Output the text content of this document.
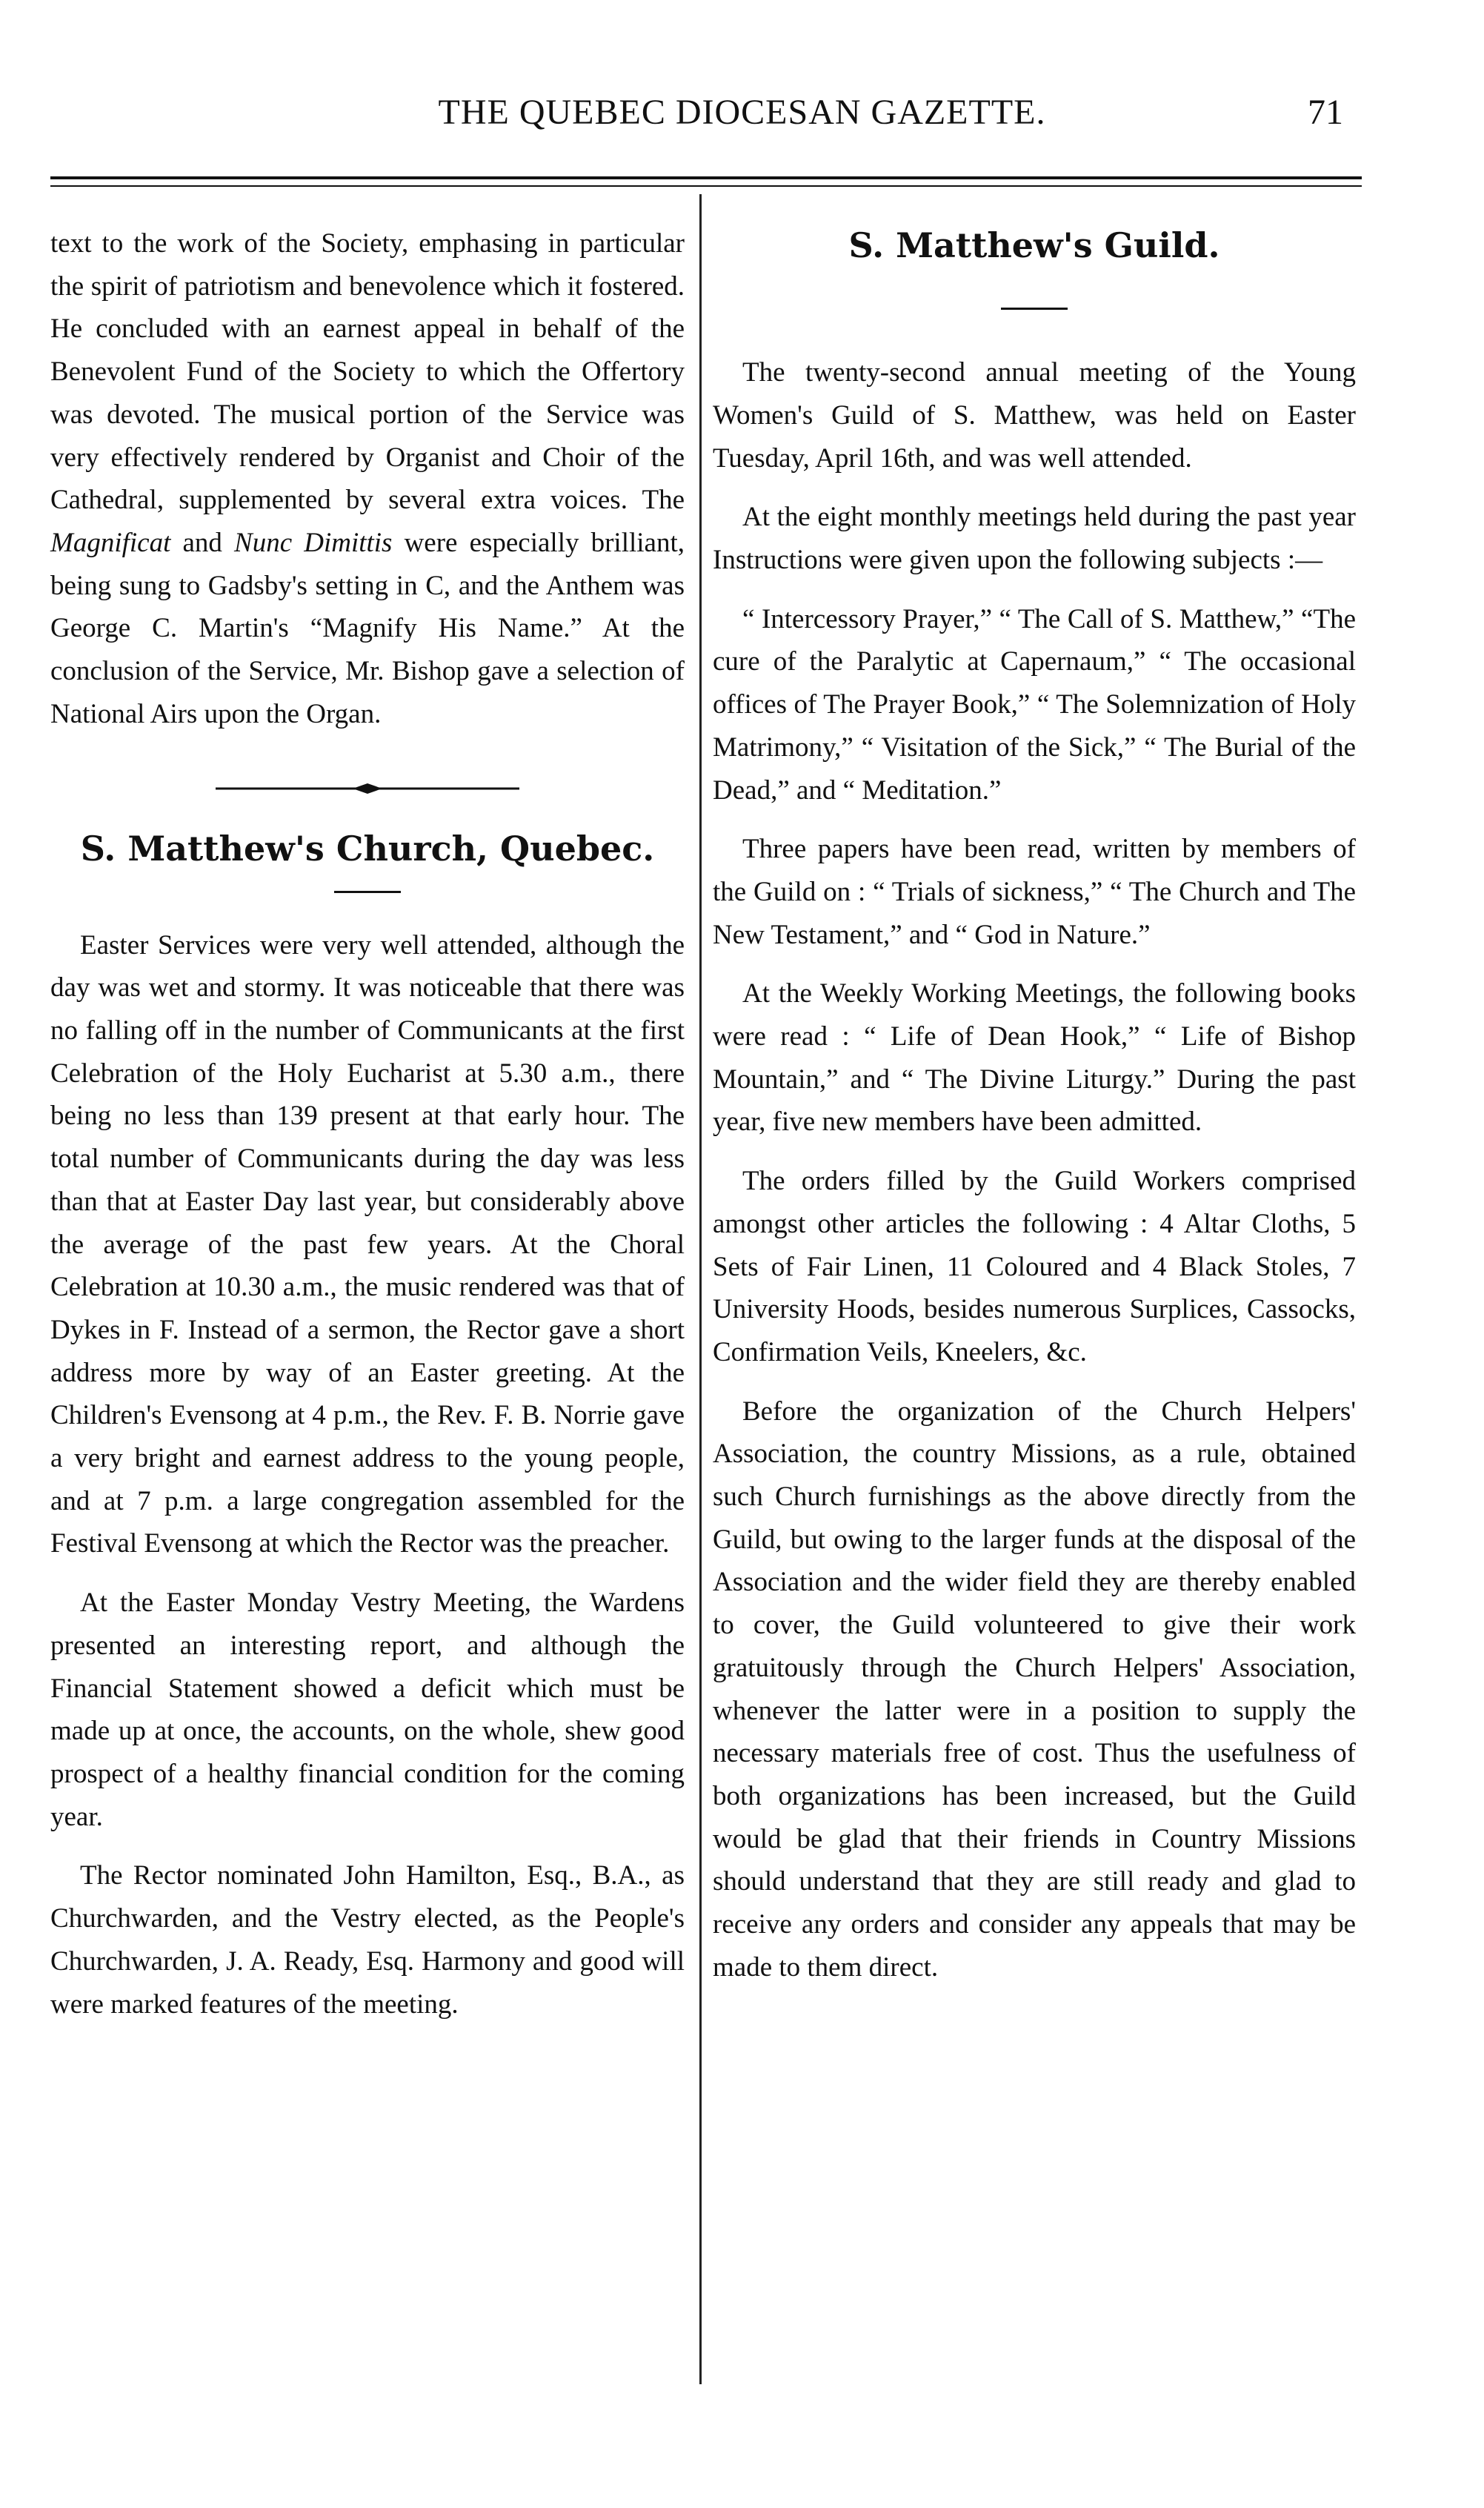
THE QUEBEC DIOCESAN GAZETTE.	71

text to the work of the Society, emphasing in particular the spirit of patriotism and benevolence which it fostered. He concluded with an earnest appeal in behalf of the Benevolent Fund of the Society to which the Offertory was devoted. The musical portion of the Service was very effectively rendered by Organist and Choir of the Cathedral, supplemented by several extra voices. The Magnificat and Nunc Dimittis were especially brilliant, being sung to Gadsby's setting in C, and the Anthem was George C. Martin's “Magnify His Name.” At the conclusion of the Service, Mr. Bishop gave a selection of National Airs upon the Organ.

S. Matthew's Church, Quebec.

Easter Services were very well attended, although the day was wet and stormy. It was noticeable that there was no falling off in the number of Communicants at the first Celebration of the Holy Eucharist at 5.30 a.m., there being no less than 139 present at that early hour. The total number of Communicants during the day was less than that at Easter Day last year, but considerably above the average of the past few years. At the Choral Celebration at 10.30 a.m., the music rendered was that of Dykes in F. Instead of a sermon, the Rector gave a short address more by way of an Easter greeting. At the Children's Evensong at 4 p.m., the Rev. F. B. Norrie gave a very bright and earnest address to the young people, and at 7 p.m. a large congregation assembled for the Festival Evensong at which the Rector was the preacher.

At the Easter Monday Vestry Meeting, the Wardens presented an interesting report, and although the Financial Statement showed a deficit which must be made up at once, the accounts, on the whole, shew good prospect of a healthy financial condition for the coming year.

The Rector nominated John Hamilton, Esq., B.A., as Churchwarden, and the Vestry elected, as the People's Churchwarden, J. A. Ready, Esq. Harmony and good will were marked features of the meeting.

S. Matthew's Guild.

The twenty-second annual meeting of the Young Women's Guild of S. Matthew, was held on Easter Tuesday, April 16th, and was well attended.

At the eight monthly meetings held during the past year Instructions were given upon the following subjects :—

“ Intercessory Prayer,” “ The Call of S. Matthew,” “The cure of the Paralytic at Capernaum,” “ The occasional offices of The Prayer Book,” “ The Solemnization of Holy Matrimony,” “ Visitation of the Sick,” “ The Burial of the Dead,” and “ Meditation.”

Three papers have been read, written by members of the Guild on : “ Trials of sickness,” “ The Church and The New Testament,” and “ God in Nature.”

At the Weekly Working Meetings, the following books were read : “ Life of Dean Hook,” “ Life of Bishop Mountain,” and “ The Divine Liturgy.” During the past year, five new members have been admitted.

The orders filled by the Guild Workers comprised amongst other articles the following : 4 Altar Cloths, 5 Sets of Fair Linen, 11 Coloured and 4 Black Stoles, 7 University Hoods, besides numerous Surplices, Cassocks, Confirmation Veils, Kneelers, &c.

Before the organization of the Church Helpers' Association, the country Missions, as a rule, obtained such Church furnishings as the above directly from the Guild, but owing to the larger funds at the disposal of the Association and the wider field they are thereby enabled to cover, the Guild volunteered to give their work gratuitously through the Church Helpers' Association, whenever the latter were in a position to supply the necessary materials free of cost. Thus the usefulness of both organizations has been increased, but the Guild would be glad that their friends in Country Missions should understand that they are still ready and glad to receive any orders and consider any appeals that may be made to them direct.
